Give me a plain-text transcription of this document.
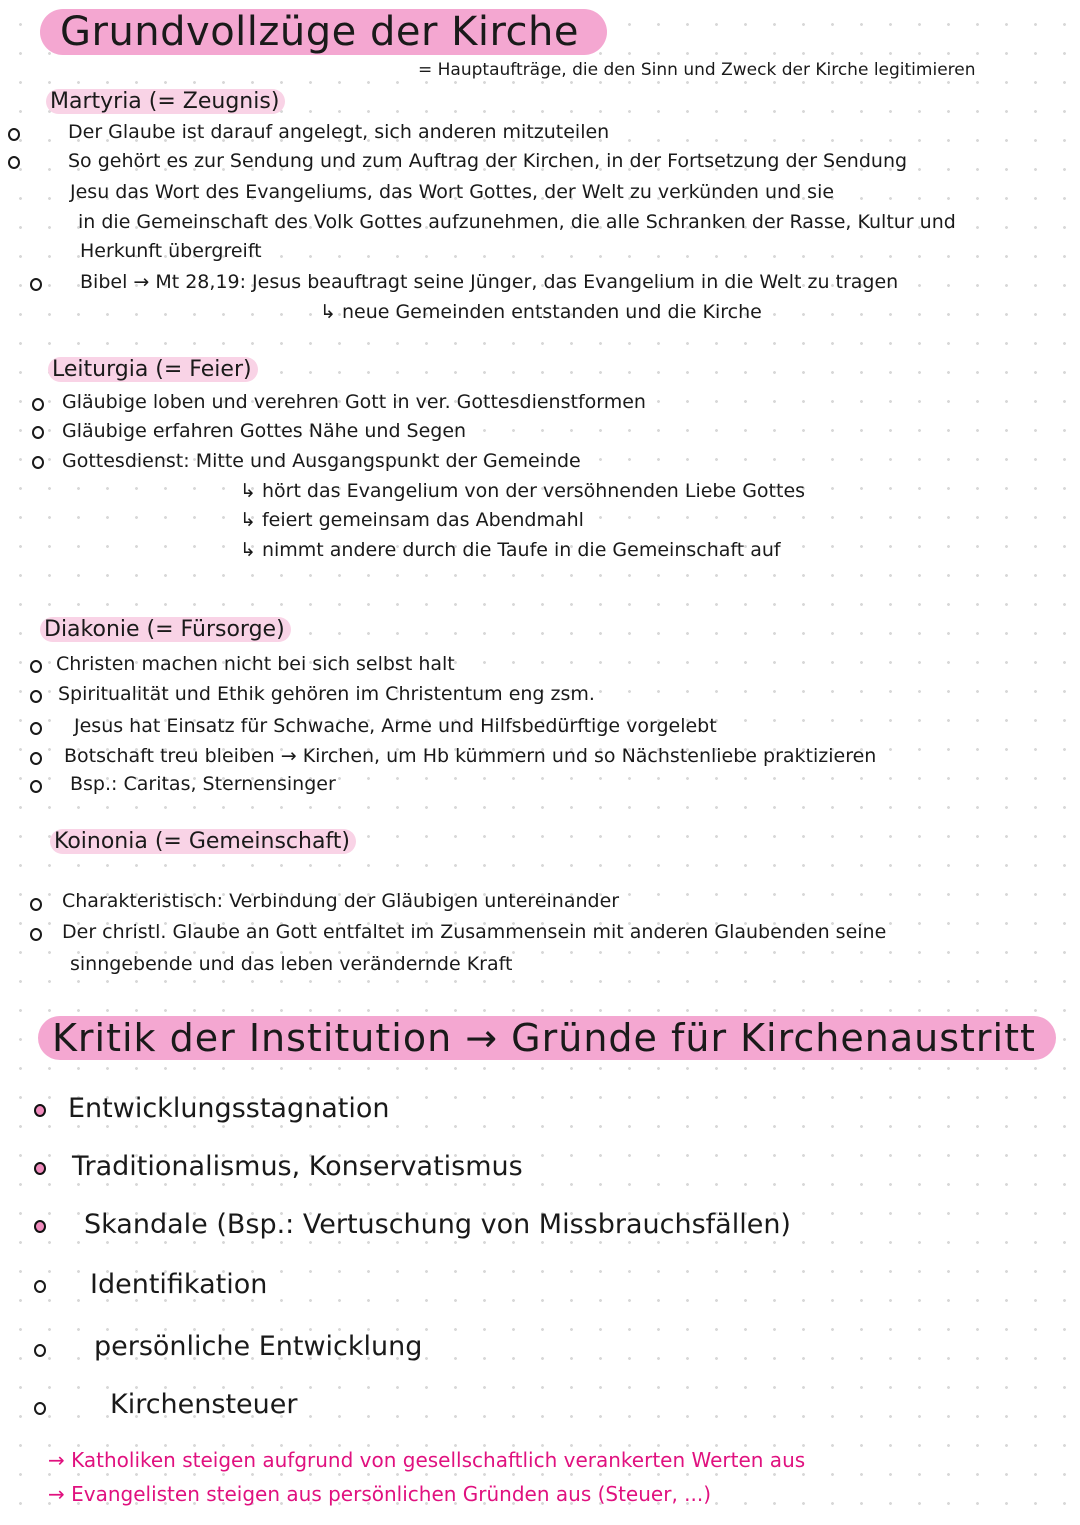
Grundvollzüge der Kirche
= Hauptaufträge, die den Sinn und Zweck der Kirche legitimieren
Martyria (= Zeugnis)
Der Glaube ist darauf angelegt, sich anderen mitzuteilen
So gehört es zur Sendung und zum Auftrag der Kirchen, in der Fortsetzung der Sendung
Jesu das Wort des Evangeliums, das Wort Gottes, der Welt zu verkünden und sie
in die Gemeinschaft des Volk Gottes aufzunehmen, die alle Schranken der Rasse, Kultur und
Herkunft übergreift
Bibel → Mt 28,19: Jesus beauftragt seine Jünger, das Evangelium in die Welt zu tragen
↳ neue Gemeinden entstanden und die Kirche
Leiturgia (= Feier)
Gläubige loben und verehren Gott in ver. Gottesdienstformen
Gläubige erfahren Gottes Nähe und Segen
Gottesdienst: Mitte und Ausgangspunkt der Gemeinde
↳ hört das Evangelium von der versöhnenden Liebe Gottes
↳ feiert gemeinsam das Abendmahl
↳ nimmt andere durch die Taufe in die Gemeinschaft auf
Diakonie (= Fürsorge)
Christen machen nicht bei sich selbst halt
Spiritualität und Ethik gehören im Christentum eng zsm.
Jesus hat Einsatz für Schwache, Arme und Hilfsbedürftige vorgelebt
Botschaft treu bleiben → Kirchen, um Hb kümmern und so Nächstenliebe praktizieren
Bsp.: Caritas, Sternensinger
Koinonia (= Gemeinschaft)
Charakteristisch: Verbindung der Gläubigen untereinander
Der christl. Glaube an Gott entfaltet im Zusammensein mit anderen Glaubenden seine
sinngebende und das leben verändernde Kraft
Kritik der Institution → Gründe für Kirchenaustritt
Entwicklungsstagnation
Traditionalismus, Konservatismus
Skandale (Bsp.: Vertuschung von Missbrauchsfällen)
Identifikation
persönliche Entwicklung
Kirchensteuer
→ Katholiken steigen aufgrund von gesellschaftlich verankerten Werten aus
→ Evangelisten steigen aus persönlichen Gründen aus (Steuer, ...)
